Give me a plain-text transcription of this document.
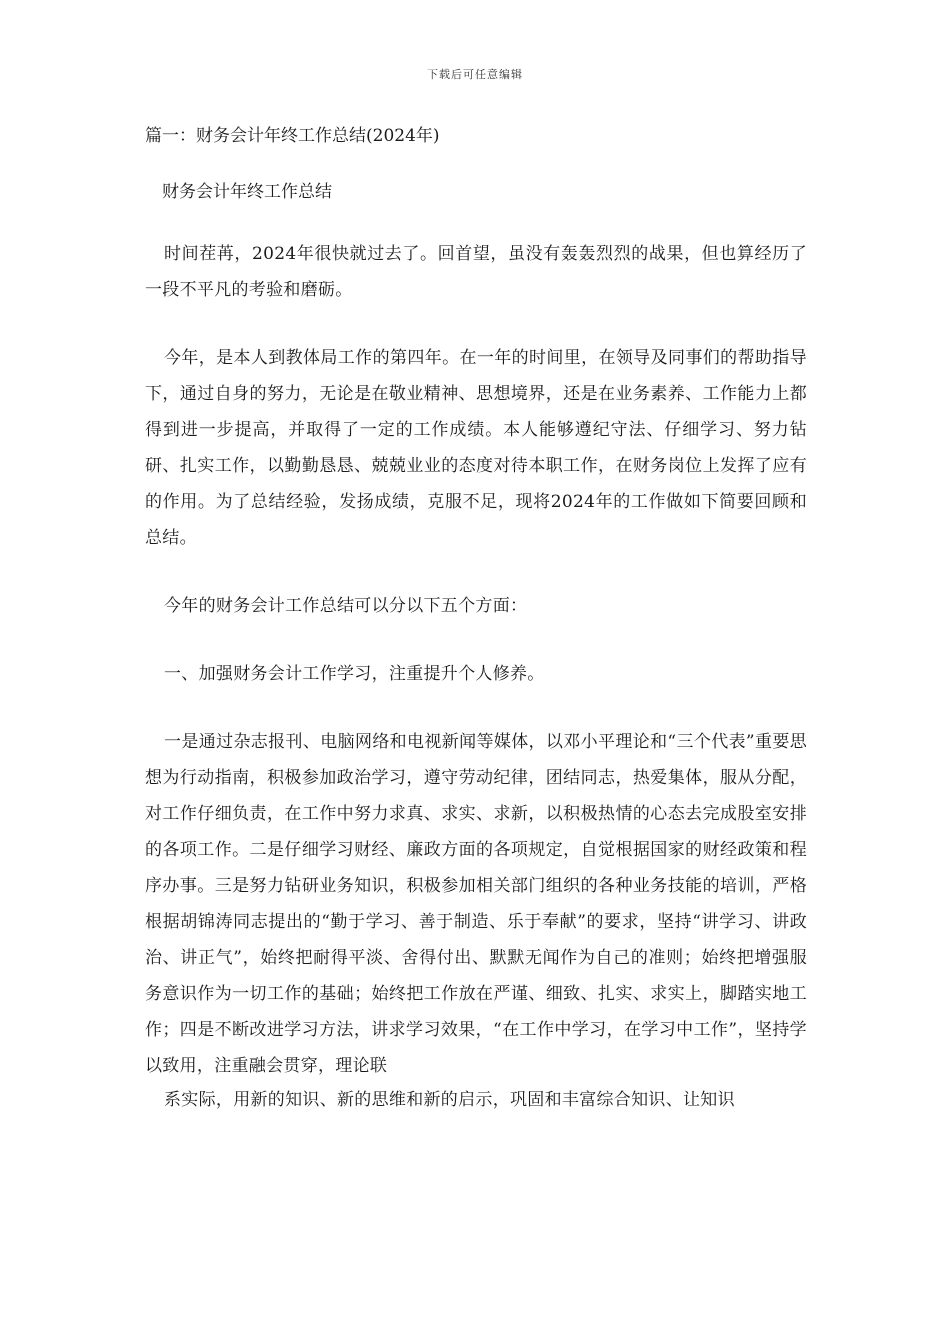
下载后可任意编辑
篇一：财务会计年终工作总结(2024年)
财务会计年终工作总结

时间茬苒，2024年很快就过去了。回首望，虽没有轰轰烈烈的战果，但也算经历了一段不平凡的考验和磨砺。

今年，是本人到教体局工作的第四年。在一年的时间里，在领导及同事们的帮助指导下，通过自身的努力，无论是在敬业精神、思想境界，还是在业务素养、工作能力上都得到进一步提高，并取得了一定的工作成绩。本人能够遵纪守法、仔细学习、努力钻研、扎实工作，以勤勤恳恳、兢兢业业的态度对待本职工作，在财务岗位上发挥了应有的作用。为了总结经验，发扬成绩，克服不足，现将2024年的工作做如下简要回顾和总结。

今年的财务会计工作总结可以分以下五个方面：

一、加强财务会计工作学习，注重提升个人修养。

一是通过杂志报刊、电脑网络和电视新闻等媒体，以邓小平理论和“三个代表”重要思想为行动指南，积极参加政治学习，遵守劳动纪律，团结同志，热爱集体，服从分配，对工作仔细负责，在工作中努力求真、求实、求新，以积极热情的心态去完成股室安排的各项工作。二是仔细学习财经、廉政方面的各项规定，自觉根据国家的财经政策和程序办事。三是努力钻研业务知识，积极参加相关部门组织的各种业务技能的培训，严格根据胡锦涛同志提出的“勤于学习、善于制造、乐于奉献”的要求，坚持“讲学习、讲政治、讲正气”，始终把耐得平淡、舍得付出、默默无闻作为自己的准则；始终把增强服务意识作为一切工作的基础；始终把工作放在严谨、细致、扎实、求实上，脚踏实地工作；四是不断改进学习方法，讲求学习效果，“在工作中学习，在学习中工作”，坚持学以致用，注重融会贯穿，理论联

系实际，用新的知识、新的思维和新的启示，巩固和丰富综合知识、让知识
